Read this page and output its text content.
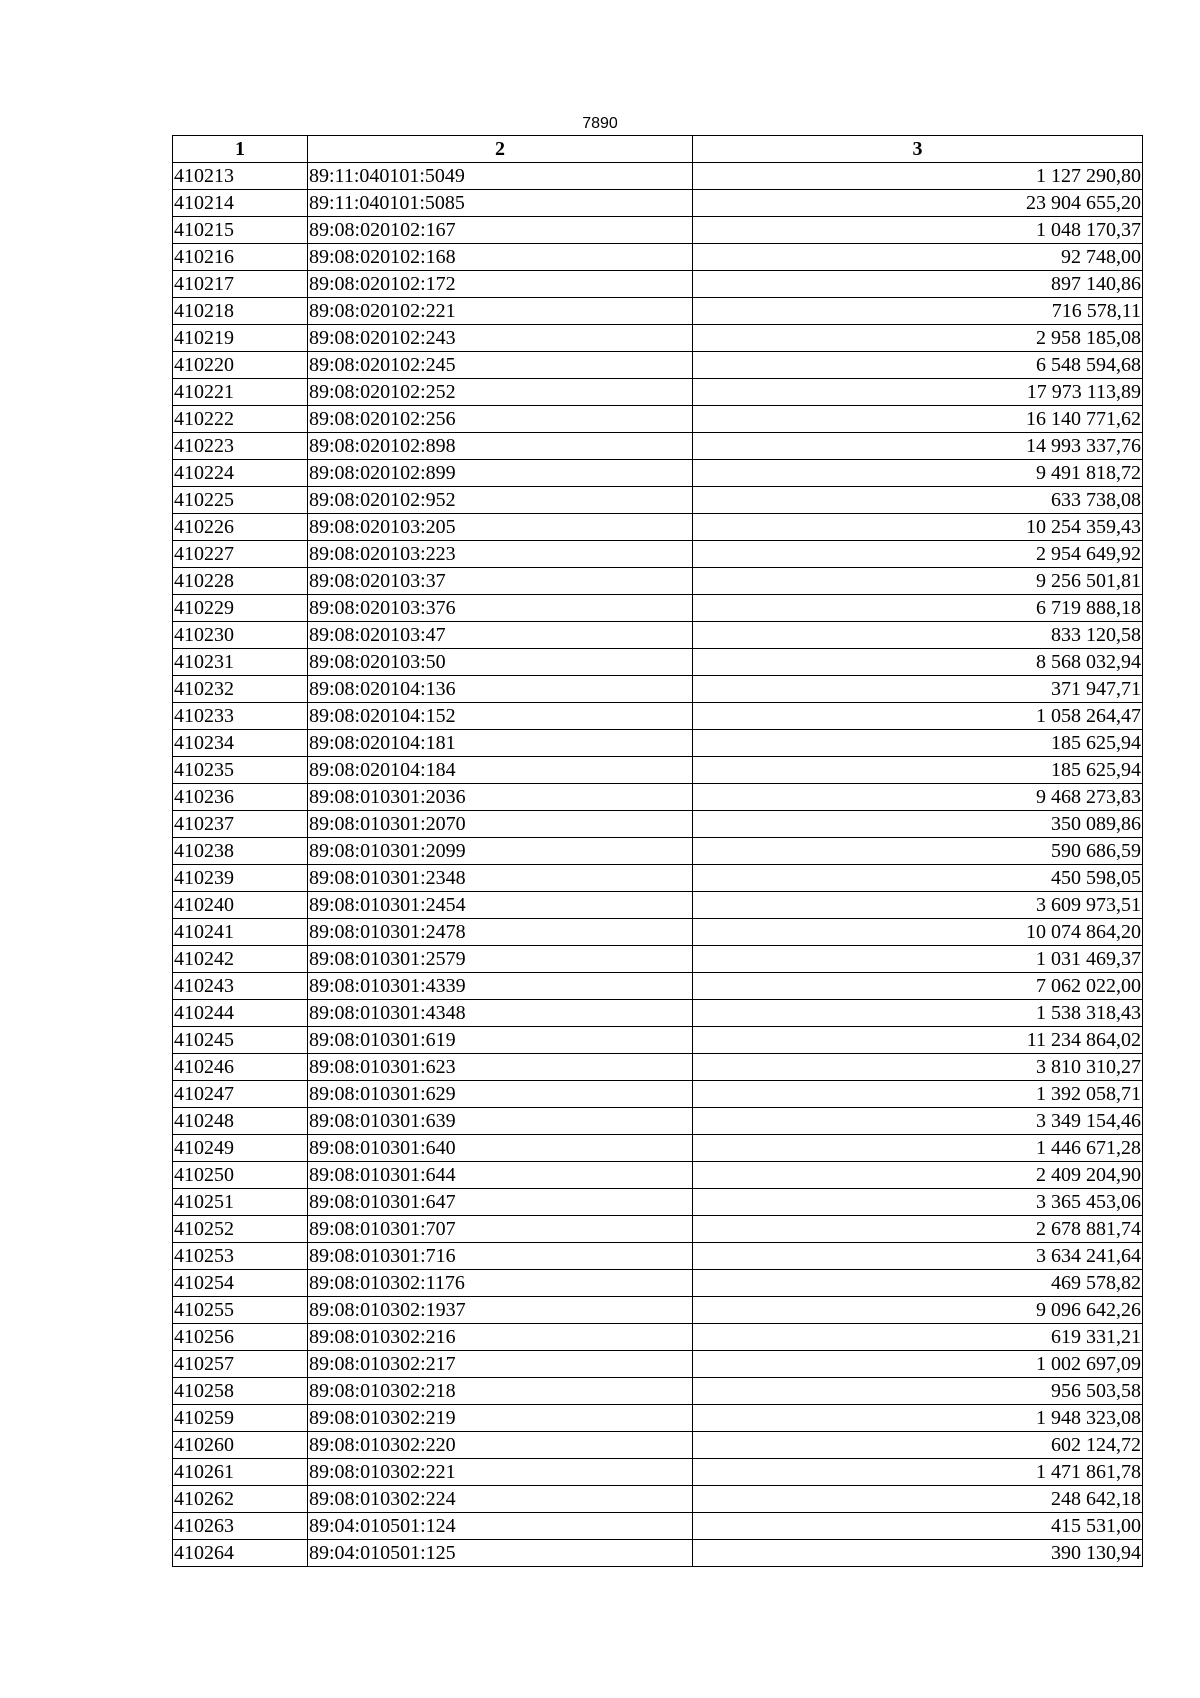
7890
1	2	3
410213	89:11:040101:5049	1 127 290,80
410214	89:11:040101:5085	23 904 655,20
410215	89:08:020102:167	1 048 170,37
410216	89:08:020102:168	92 748,00
410217	89:08:020102:172	897 140,86
410218	89:08:020102:221	716 578,11
410219	89:08:020102:243	2 958 185,08
410220	89:08:020102:245	6 548 594,68
410221	89:08:020102:252	17 973 113,89
410222	89:08:020102:256	16 140 771,62
410223	89:08:020102:898	14 993 337,76
410224	89:08:020102:899	9 491 818,72
410225	89:08:020102:952	633 738,08
410226	89:08:020103:205	10 254 359,43
410227	89:08:020103:223	2 954 649,92
410228	89:08:020103:37	9 256 501,81
410229	89:08:020103:376	6 719 888,18
410230	89:08:020103:47	833 120,58
410231	89:08:020103:50	8 568 032,94
410232	89:08:020104:136	371 947,71
410233	89:08:020104:152	1 058 264,47
410234	89:08:020104:181	185 625,94
410235	89:08:020104:184	185 625,94
410236	89:08:010301:2036	9 468 273,83
410237	89:08:010301:2070	350 089,86
410238	89:08:010301:2099	590 686,59
410239	89:08:010301:2348	450 598,05
410240	89:08:010301:2454	3 609 973,51
410241	89:08:010301:2478	10 074 864,20
410242	89:08:010301:2579	1 031 469,37
410243	89:08:010301:4339	7 062 022,00
410244	89:08:010301:4348	1 538 318,43
410245	89:08:010301:619	11 234 864,02
410246	89:08:010301:623	3 810 310,27
410247	89:08:010301:629	1 392 058,71
410248	89:08:010301:639	3 349 154,46
410249	89:08:010301:640	1 446 671,28
410250	89:08:010301:644	2 409 204,90
410251	89:08:010301:647	3 365 453,06
410252	89:08:010301:707	2 678 881,74
410253	89:08:010301:716	3 634 241,64
410254	89:08:010302:1176	469 578,82
410255	89:08:010302:1937	9 096 642,26
410256	89:08:010302:216	619 331,21
410257	89:08:010302:217	1 002 697,09
410258	89:08:010302:218	956 503,58
410259	89:08:010302:219	1 948 323,08
410260	89:08:010302:220	602 124,72
410261	89:08:010302:221	1 471 861,78
410262	89:08:010302:224	248 642,18
410263	89:04:010501:124	415 531,00
410264	89:04:010501:125	390 130,94
